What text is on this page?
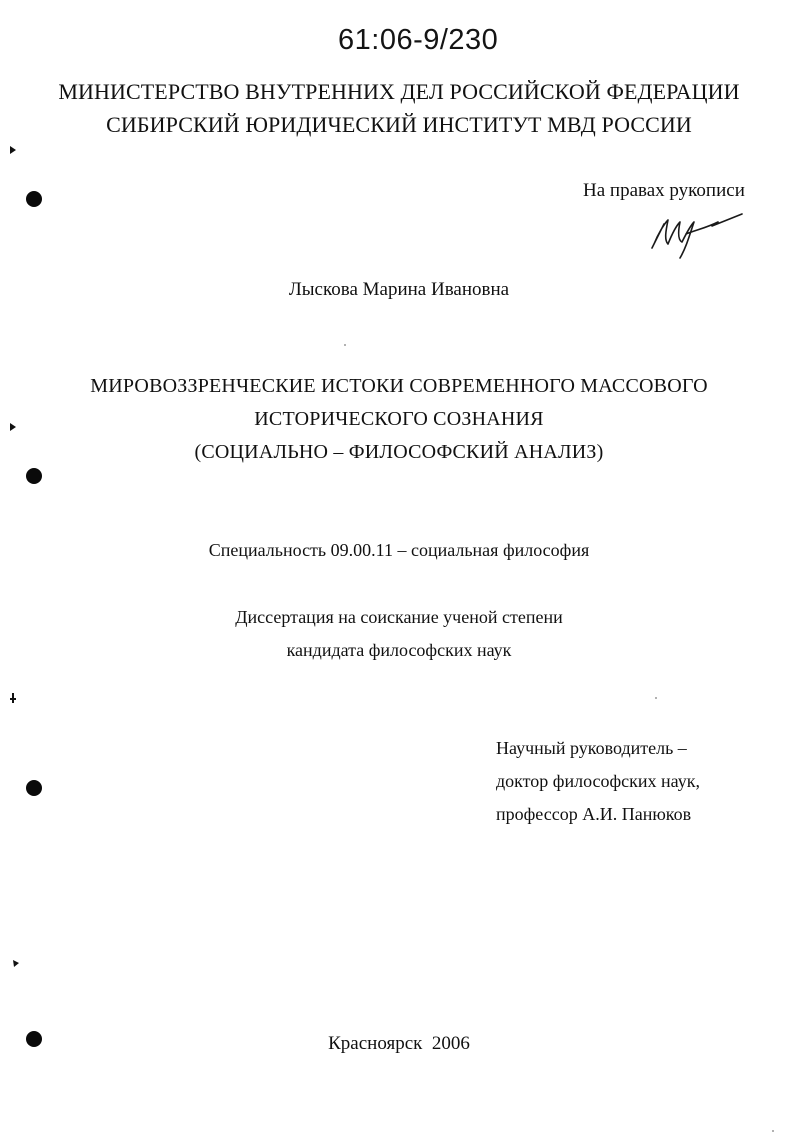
61:06-9/230
МИНИСТЕРСТВО ВНУТРЕННИХ ДЕЛ РОССИЙСКОЙ ФЕДЕРАЦИИ
СИБИРСКИЙ ЮРИДИЧЕСКИЙ ИНСТИТУТ МВД РОССИИ
На правах рукописи
Лыскова Марина Ивановна
МИРОВОЗЗРЕНЧЕСКИЕ ИСТОКИ СОВРЕМЕННОГО МАССОВОГО
ИСТОРИЧЕСКОГО СОЗНАНИЯ
(СОЦИАЛЬНО – ФИЛОСОФСКИЙ АНАЛИЗ)
Специальность 09.00.11 – социальная философия
Диссертация на соискание ученой степени
кандидата философских наук
Научный руководитель –
доктор философских наук,
профессор А.И. Панюков
Красноярск  2006
